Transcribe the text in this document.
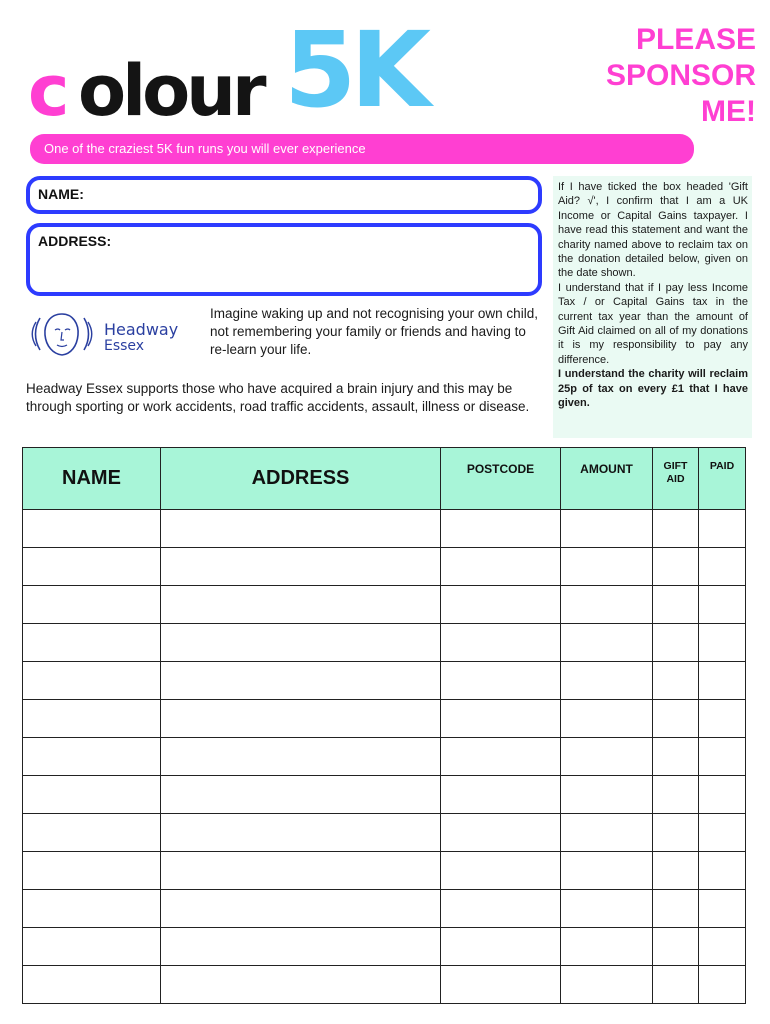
c olour 5K	PLEASE
SPONSOR
ME!
One of the craziest 5K fun runs you will ever experience
NAME:
ADDRESS:
Headway
Essex
Imagine waking up and not recognising your own child, not remembering your family or friends and having to re-learn your life.
Headway Essex supports those who have acquired a brain injury and this may be through sporting or work accidents, road traffic accidents, assault, illness or disease.

If I have ticked the box headed 'Gift Aid? √', I confirm that I am a UK Income or Capital Gains taxpayer. I have read this statement and want the charity named above to reclaim tax on the donation detailed below, given on the date shown.

I understand that if I pay less Income Tax / or Capital Gains tax in the current tax year than the amount of Gift Aid claimed on all of my donations it is my responsibility to pay any difference.

I understand the charity will reclaim 25p of tax on every £1 that I have given.

NAME	ADDRESS	POSTCODE	AMOUNT	GIFT AID	PAID
